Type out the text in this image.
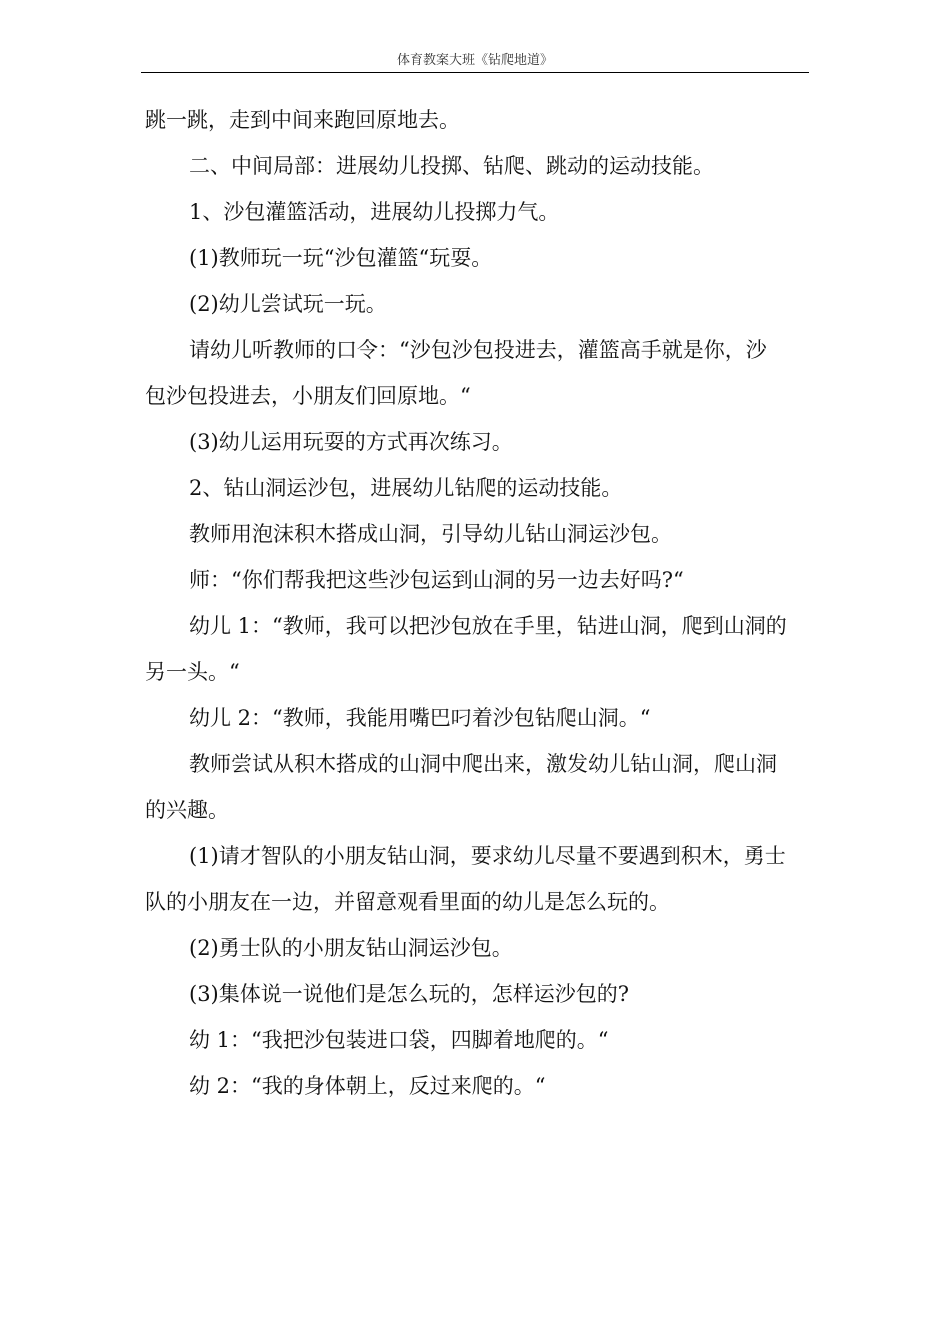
体育教案大班《钻爬地道》
跳一跳，走到中间来跑回原地去。
二、中间局部：进展幼儿投掷、钻爬、跳动的运动技能。
1、沙包灌篮活动，进展幼儿投掷力气。
(1)教师玩一玩“沙包灌篮“玩耍。
(2)幼儿尝试玩一玩。
请幼儿听教师的口令：“沙包沙包投进去，灌篮高手就是你，沙
包沙包投进去，小朋友们回原地。“
(3)幼儿运用玩耍的方式再次练习。
2、钻山洞运沙包，进展幼儿钻爬的运动技能。
教师用泡沫积木搭成山洞，引导幼儿钻山洞运沙包。
师：“你们帮我把这些沙包运到山洞的另一边去好吗?“
幼儿 1：“教师，我可以把沙包放在手里，钻进山洞，爬到山洞的
另一头。“
幼儿 2：“教师，我能用嘴巴叼着沙包钻爬山洞。“
教师尝试从积木搭成的山洞中爬出来，激发幼儿钻山洞，爬山洞
的兴趣。
(1)请才智队的小朋友钻山洞，要求幼儿尽量不要遇到积木，勇士
队的小朋友在一边，并留意观看里面的幼儿是怎么玩的。
(2)勇士队的小朋友钻山洞运沙包。
(3)集体说一说他们是怎么玩的，怎样运沙包的?
幼 1：“我把沙包装进口袋，四脚着地爬的。“
幼 2：“我的身体朝上，反过来爬的。“
